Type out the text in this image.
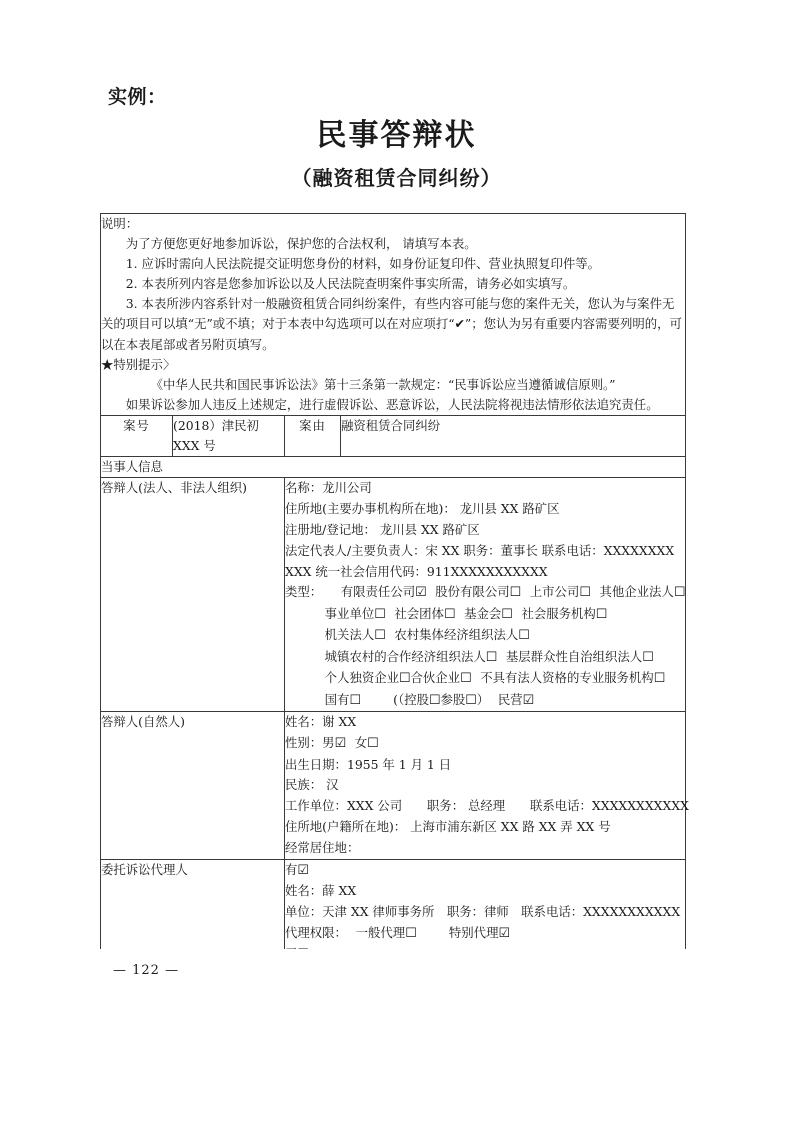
实例：
民事答辩状
（融资租赁合同纠纷）

说明：

为了方便您更好地参加诉讼，保护您的合法权利， 请填写本表。

1. 应诉时需向人民法院提交证明您身份的材料，如身份证复印件、营业执照复印件等。

2. 本表所列内容是您参加诉讼以及人民法院查明案件事实所需，请务必如实填写。

3. 本表所涉内容系针对一般融资租赁合同纠纷案件，有些内容可能与您的案件无关，您认为与案件无关的项目可以填“无”或不填；对于本表中勾选项可以在对应项打“✔”；您认为另有重要内容需要列明的，可以在本表尾部或者另附页填写。

★特别提示〉

《中华人民共和国民事诉讼法》第十三条第一款规定：“民事诉讼应当遵循诚信原则。”

如果诉讼参加人违反上述规定，进行虚假诉讼、恶意诉讼，人民法院将视违法情形依法追究责任。

案号	(2018）津民初 XXX 号	案由	融资租赁合同纠纷
当事人信息			
答辩人(法人、非法人组织)	名称：龙川公司

住所地(主要办事机构所在地)： 龙川县 XX 路矿区

注册地/登记地： 龙川县 XX 路矿区

法定代表人/主要负责人：宋 XX 职务：董事长 联系电话：XXXXXXXX

XXX 统一社会信用代码：911XXXXXXXXXXX

类型： 有限责任公司☑ 股份有限公司☐ 上市公司☐ 其他企业法人☐

事业单位☐ 社会团体☐ 基金会☐ 社会服务机构☐

机关法人☐ 农村集体经济组织法人☐

城镇农村的合作经济组织法人☐ 基层群众性自治组织法人☐

个人独资企业☐合伙企业☐ 不具有法人资格的专业服务机构☐

国有☐	(（控股☐参股☐） 民营☑

答辩人(自然人)	姓名：谢 XX

性别：男☑ 女☐

出生日期：1955 年 1 月 1 日

民族： 汉

工作单位：XXX 公司　　职务： 总经理　　联系电话：XXXXXXXXXXX

住所地(户籍所在地)： 上海市浦东新区 XX 路 XX 弄 XX 号

经常居住地：

委托诉讼代理人		有☑

姓名：薛 XX

单位：天津 XX 律师事务所　职务：律师　联系电话：XXXXXXXXXXX

代理权限： 一般代理☐ 特别代理☑	

— 122 —
